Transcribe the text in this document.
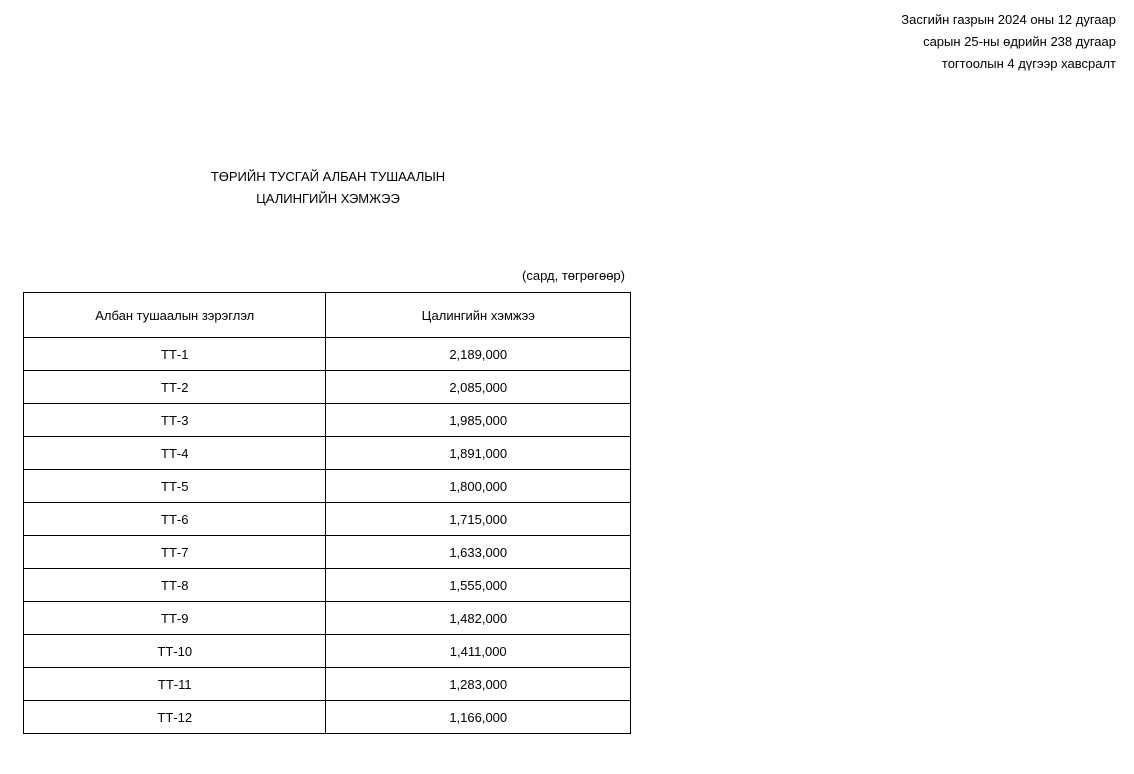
Засгийн газрын 2024 оны 12 дугаар
сарын 25-ны өдрийн 238 дугаар
тогтоолын 4 дүгээр хавсралт
ТӨРИЙН ТУСГАЙ АЛБАН ТУШААЛЫН
ЦАЛИНГИЙН ХЭМЖЭЭ
(сард, төгрөгөөр)
Албан тушаалын зэрэглэл	Цалингийн хэмжээ
ТТ-1	2,189,000
ТТ-2	2,085,000
ТТ-3	1,985,000
ТТ-4	1,891,000
ТТ-5	1,800,000
ТТ-6	1,715,000
ТТ-7	1,633,000
ТТ-8	1,555,000
ТТ-9	1,482,000
ТТ-10	1,411,000
ТТ-11	1,283,000
ТТ-12	1,166,000
